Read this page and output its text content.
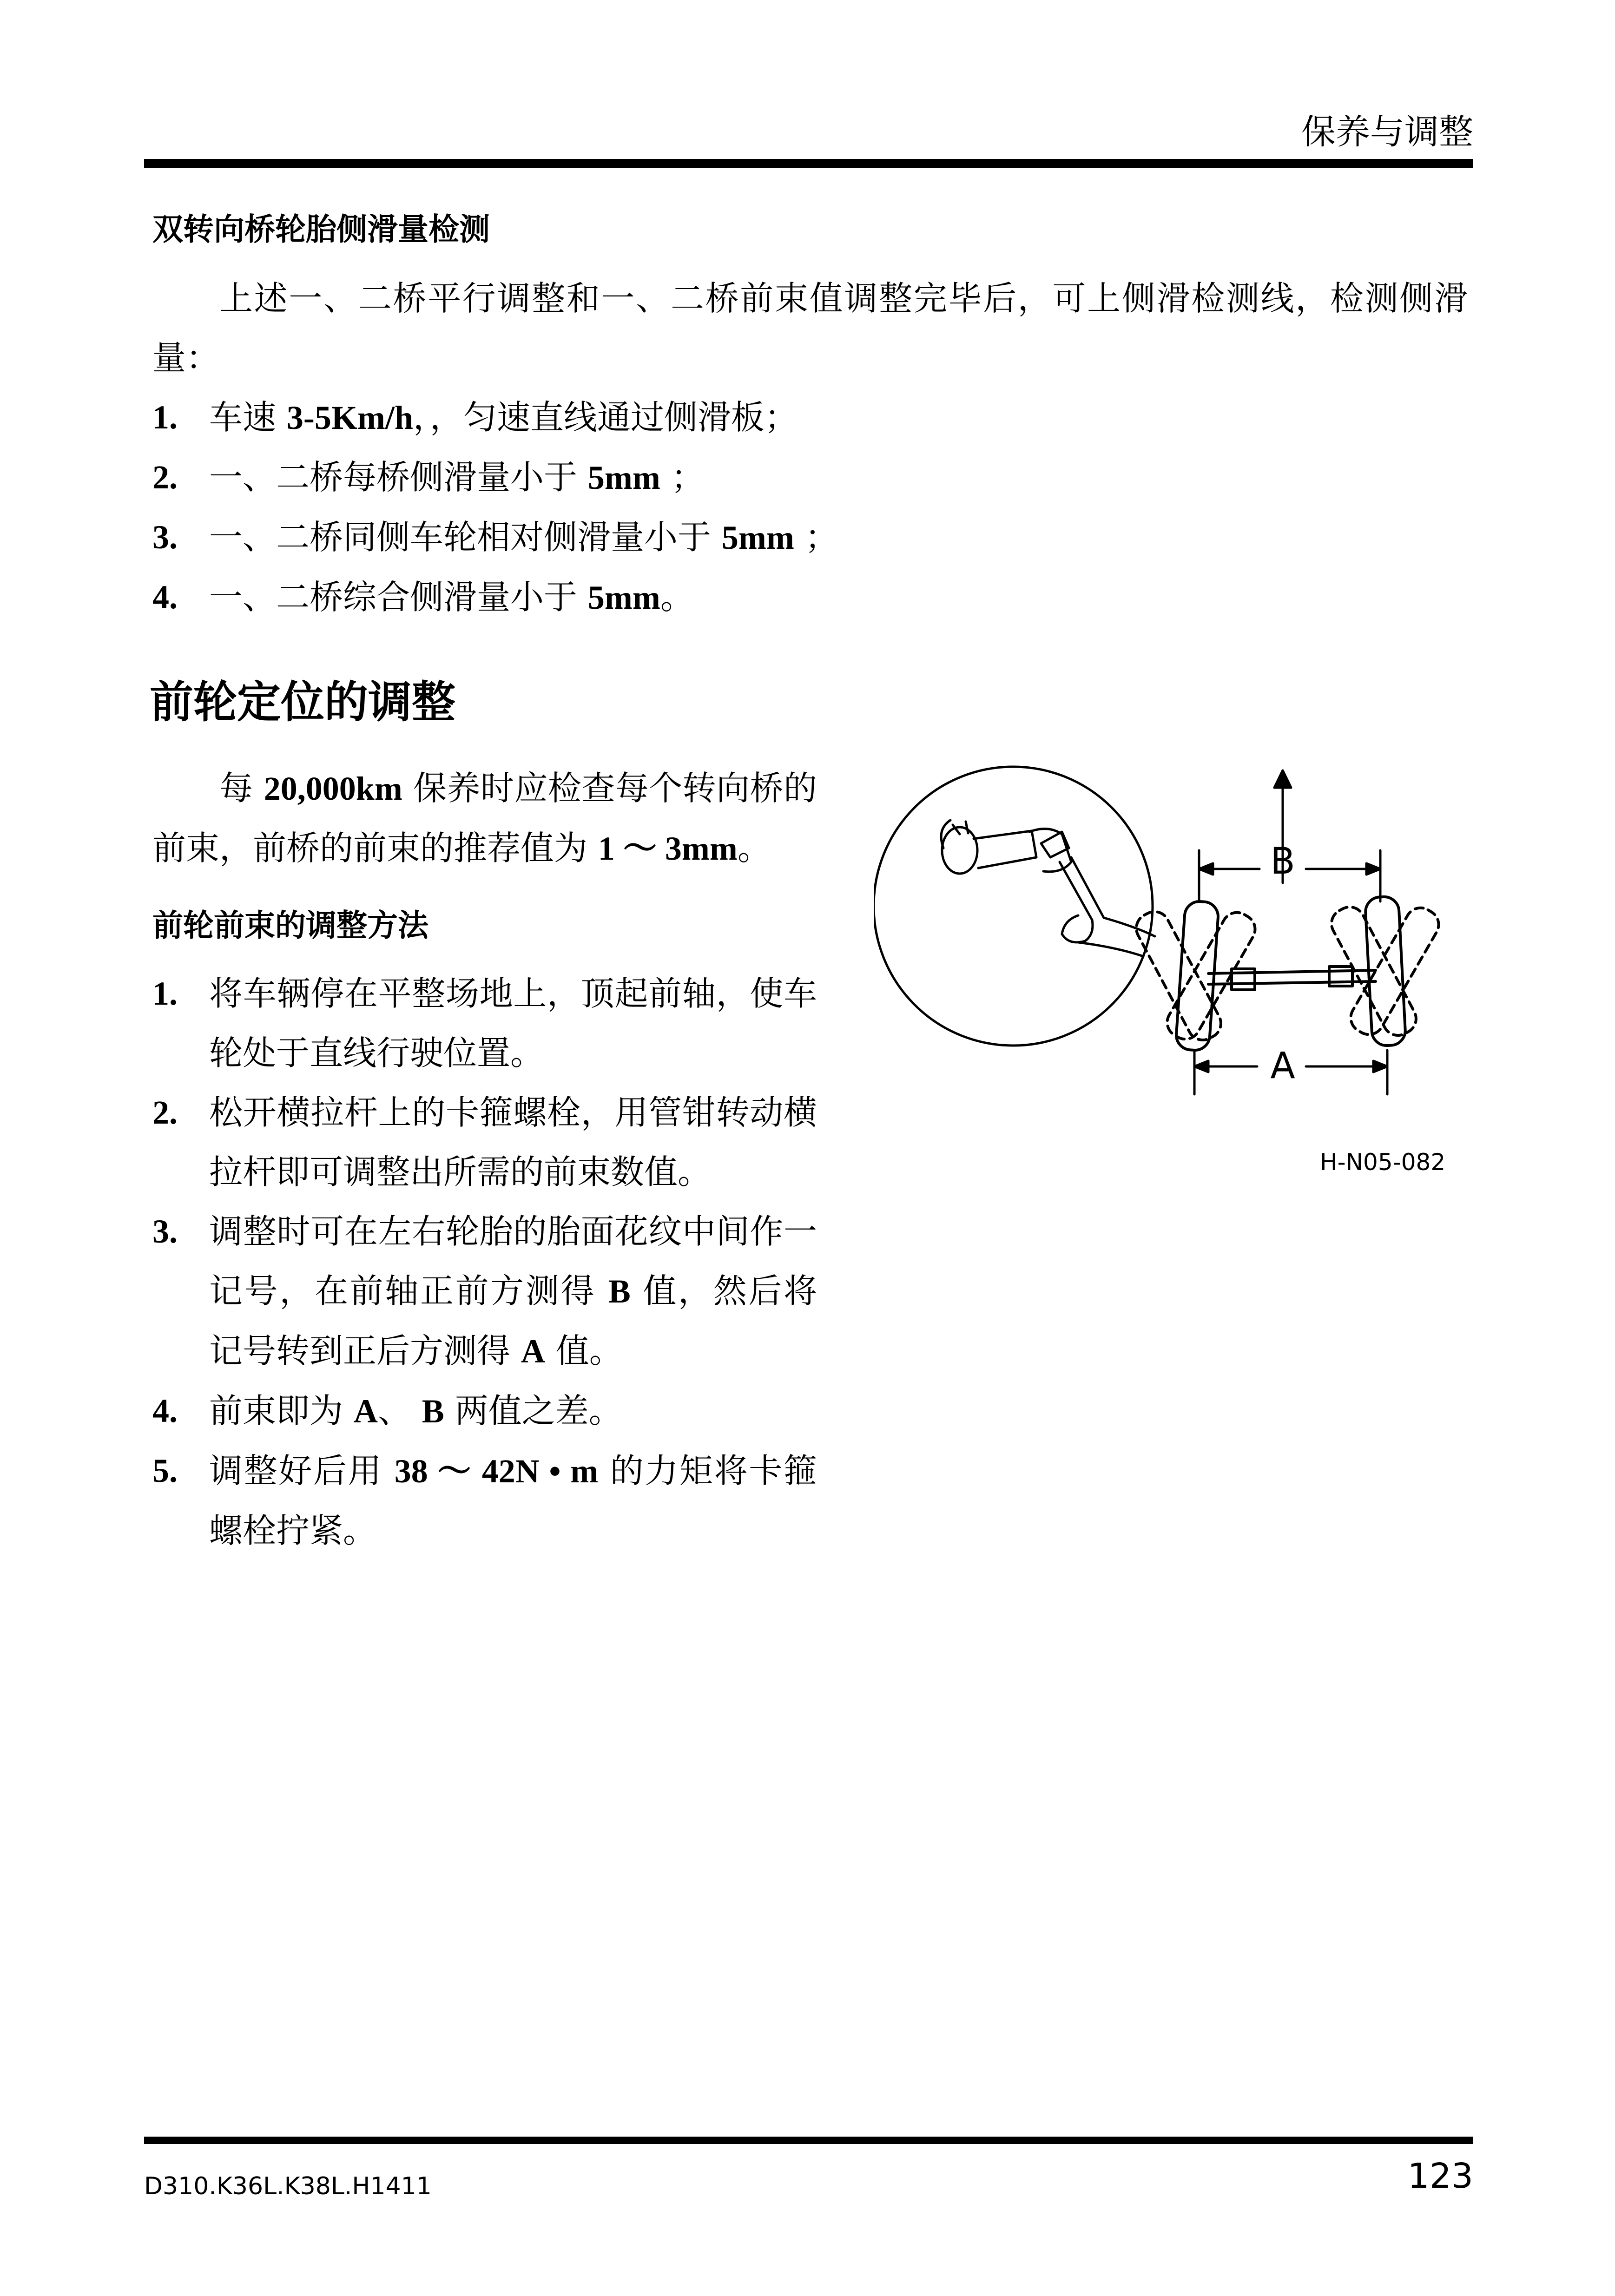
保养与调整
双转向桥轮胎侧滑量检测
上述一、二桥平行调整和一、二桥前束值调整完毕后，可上侧滑检测线，检测侧滑量：
1. 车速 3-5Km/h，，匀速直线通过侧滑板；
2. 一、二桥每桥侧滑量小于 5mm ；
3. 一、二桥同侧车轮相对侧滑量小于 5mm ；
4. 一、二桥综合侧滑量小于 5mm。
前轮定位的调整
每 20,000km 保养时应检查每个转向桥的前束，前桥的前束的推荐值为 1 ～ 3mm。
前轮前束的调整方法
1. 将车辆停在平整场地上，顶起前轴，使车轮处于直线行驶位置。
2. 松开横拉杆上的卡箍螺栓，用管钳转动横拉杆即可调整出所需的前束数值。
3. 调整时可在左右轮胎的胎面花纹中间作一记号，在前轴正前方测得 B 值，然后将记号转到正后方测得 A 值。
4. 前束即为 A、 B 两值之差。
5. 调整好后用 38 ～ 42N • m 的力矩将卡箍螺栓拧紧。
B
A
H-N05-082
D310.K36L.K38L.H1411	123
